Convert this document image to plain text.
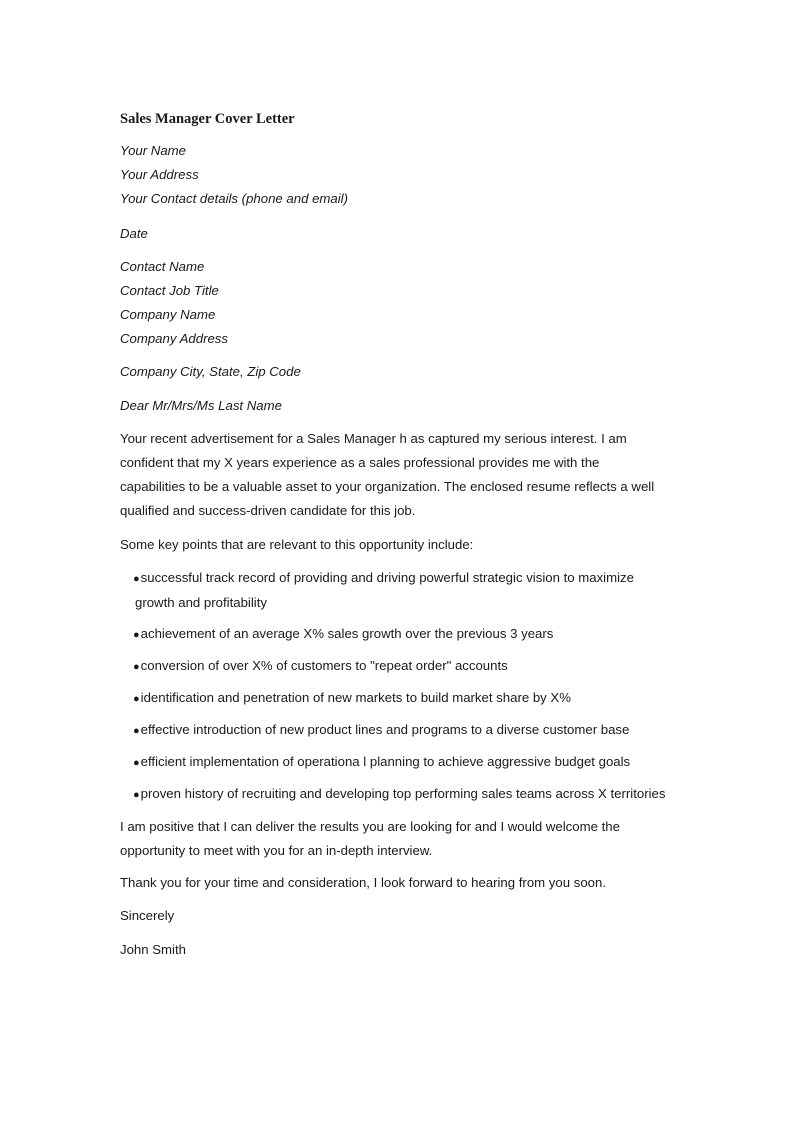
Sales Manager Cover Letter
Your Name
Your Address
Your Contact details (phone and email)
Date
Contact Name
Contact Job Title
Company Name
Company Address
Company City, State, Zip Code
Dear Mr/Mrs/Ms Last Name
Your recent advertisement for a Sales Manager h as captured my serious interest. I am
confident that my X years experience as a sales professional provides me with the
capabilities to be a valuable asset to your organization. The enclosed resume reflects a well
qualified and success-driven candidate for this job.
Some key points that are relevant to this opportunity include:
●successful track record of providing and driving powerful strategic vision to maximize
growth and profitability
●achievement of an average X% sales growth over the previous 3 years
●conversion of over X% of customers to "repeat order" accounts
●identification and penetration of new markets to build market share by X%
●effective introduction of new product lines and programs to a diverse customer base
●efficient implementation of operationa l planning to achieve aggressive budget goals
●proven history of recruiting and developing top performing sales teams across X territories
I am positive that I can deliver the results you are looking for and I would welcome the
opportunity to meet with you for an in-depth interview.
Thank you for your time and consideration, I look forward to hearing from you soon.
Sincerely
John Smith
